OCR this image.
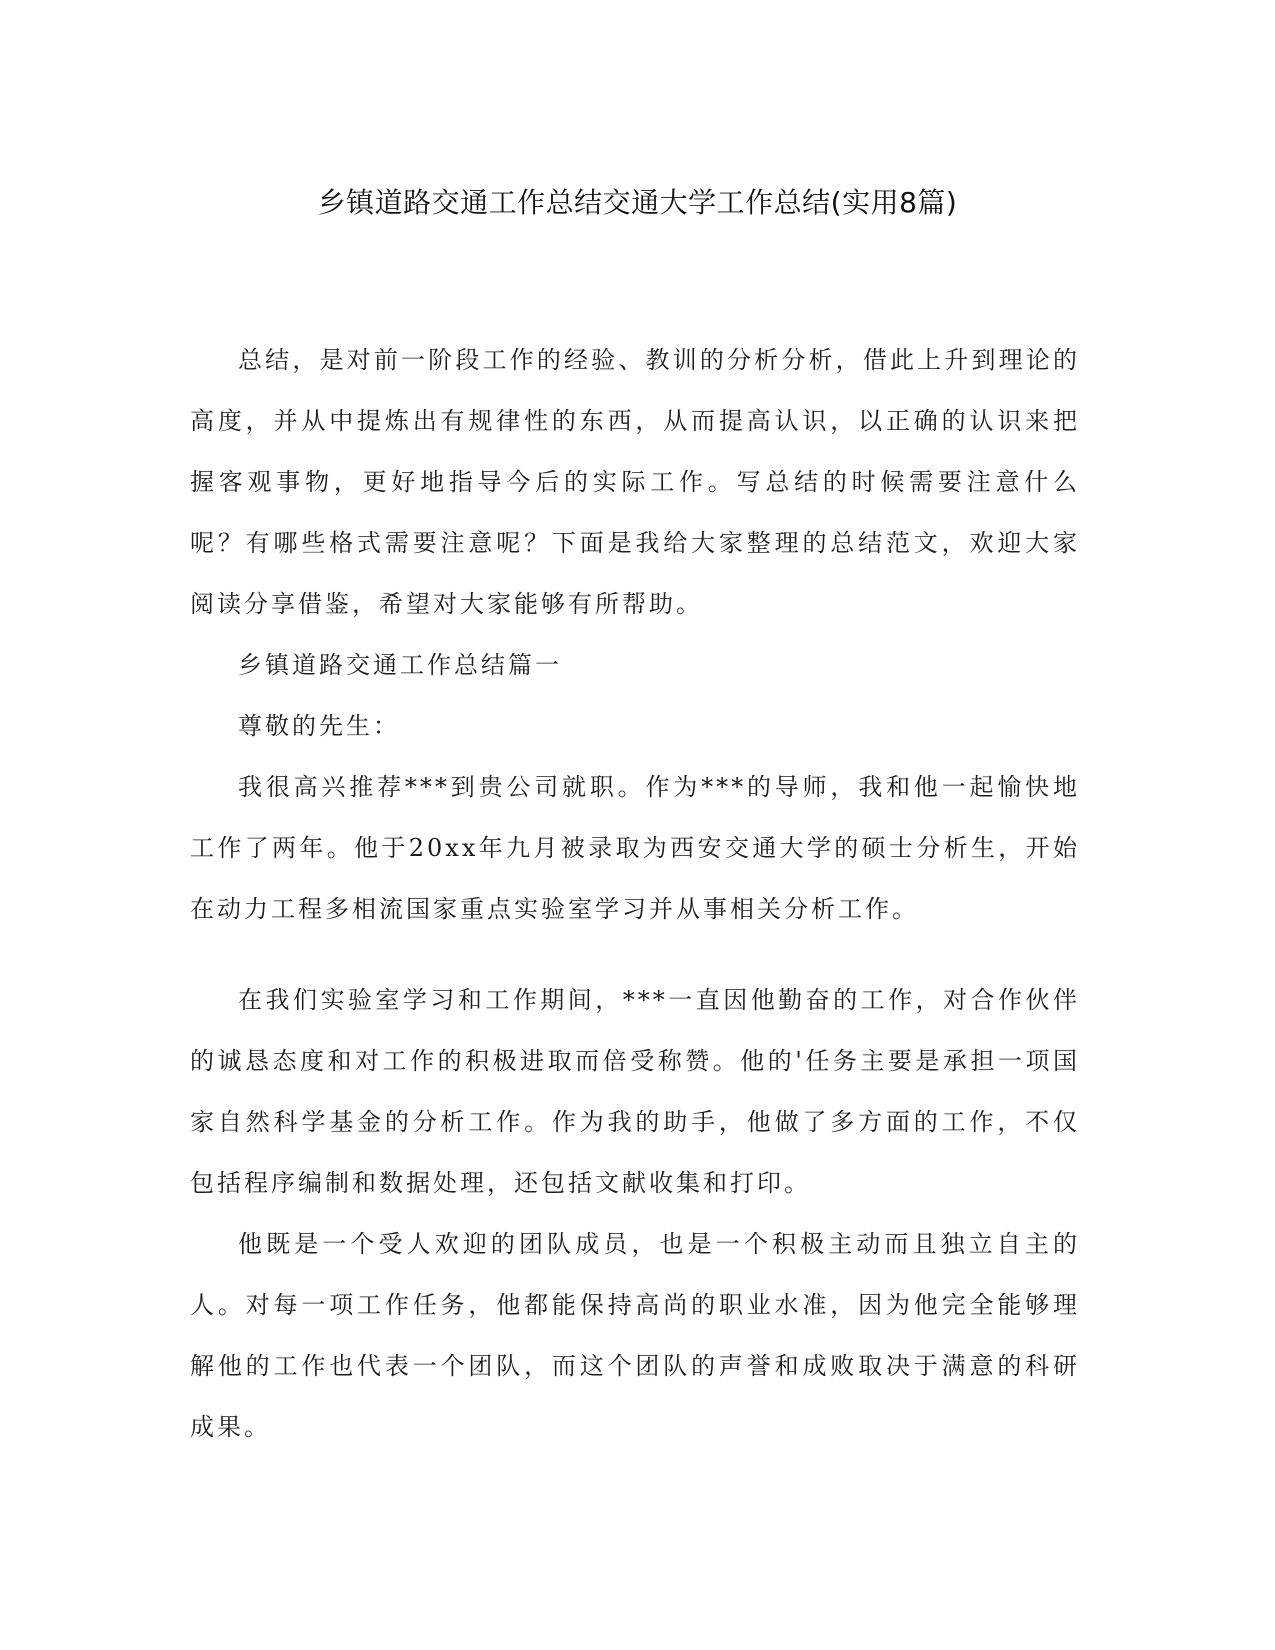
乡镇道路交通工作总结交通大学工作总结(实用8篇)

总结，是对前一阶段工作的经验、教训的分析分析，借此上升到理论的高度，并从中提炼出有规律性的东西，从而提高认识，以正确的认识来把握客观事物，更好地指导今后的实际工作。写总结的时候需要注意什么呢？有哪些格式需要注意呢？下面是我给大家整理的总结范文，欢迎大家阅读分享借鉴，希望对大家能够有所帮助。

乡镇道路交通工作总结篇一

尊敬的先生：

我很高兴推荐***到贵公司就职。作为***的导师，我和他一起愉快地工作了两年。他于20xx年九月被录取为西安交通大学的硕士分析生，开始在动力工程多相流国家重点实验室学习并从事相关分析工作。

在我们实验室学习和工作期间，***一直因他勤奋的工作，对合作伙伴的诚恳态度和对工作的积极进取而倍受称赞。他的'任务主要是承担一项国家自然科学基金的分析工作。作为我的助手，他做了多方面的工作，不仅包括程序编制和数据处理，还包括文献收集和打印。

他既是一个受人欢迎的团队成员，也是一个积极主动而且独立自主的人。对每一项工作任务，他都能保持高尚的职业水准，因为他完全能够理解他的工作也代表一个团队，而这个团队的声誉和成败取决于满意的科研成果。
